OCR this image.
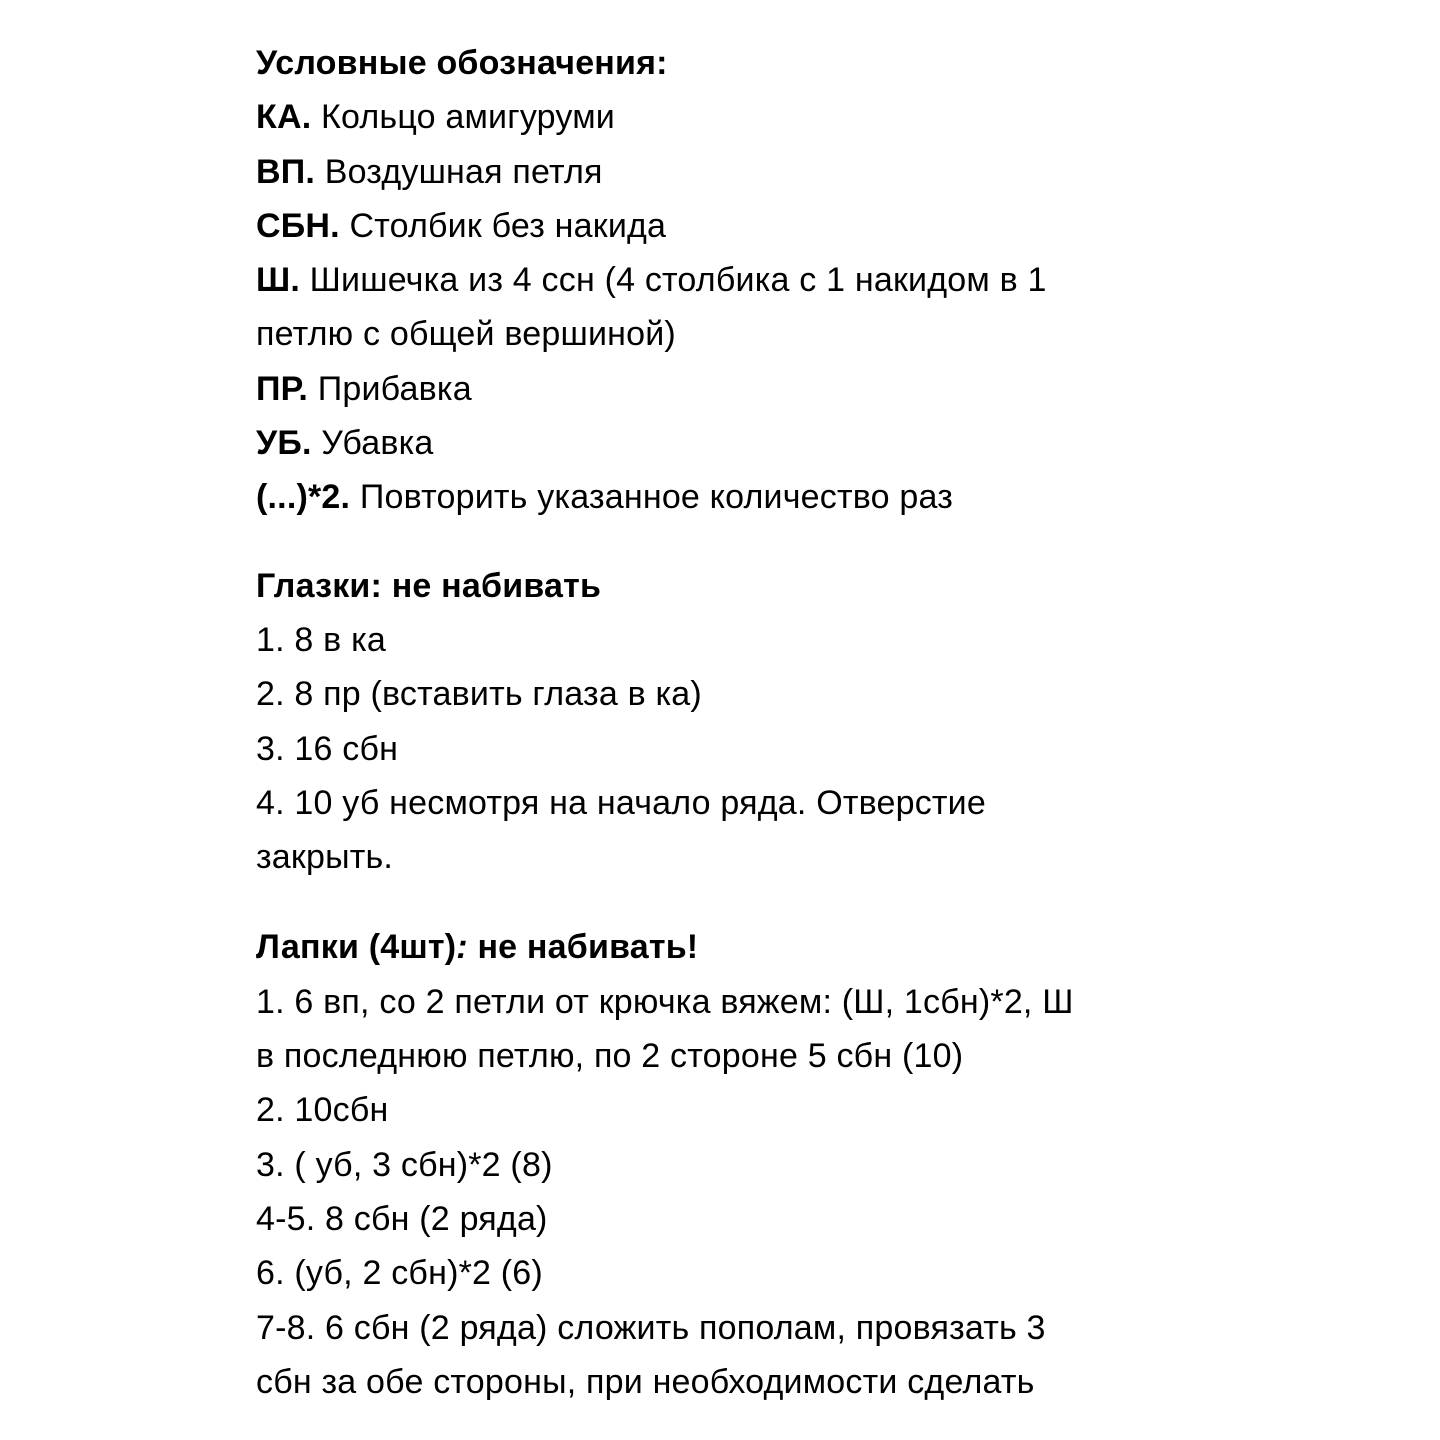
Условные обозначения:
КА. Кольцо амигуруми
ВП. Воздушная петля
СБН. Столбик без накида
Ш. Шишечка из 4 ссн (4 столбика с 1 накидом в 1
петлю с общей вершиной)
ПР. Прибавка
УБ. Убавка
(...)*2. Повторить указанное количество раз
Глазки: не набивать
1. 8 в ка
2. 8 пр (вставить глаза в ка)
3. 16 сбн
4. 10 уб несмотря на начало ряда. Отверстие
закрыть.
Лапки (4шт): не набивать!
1. 6 вп, со 2 петли от крючка вяжем: (Ш, 1сбн)*2, Ш
в последнюю петлю, по 2 стороне 5 сбн (10)
2. 10сбн
3. ( уб, 3 сбн)*2 (8)
4-5. 8 сбн (2 ряда)
6. (уб, 2 сбн)*2 (6)
7-8. 6 сбн (2 ряда) сложить пополам, провязать 3
сбн за обе стороны, при необходимости сделать
